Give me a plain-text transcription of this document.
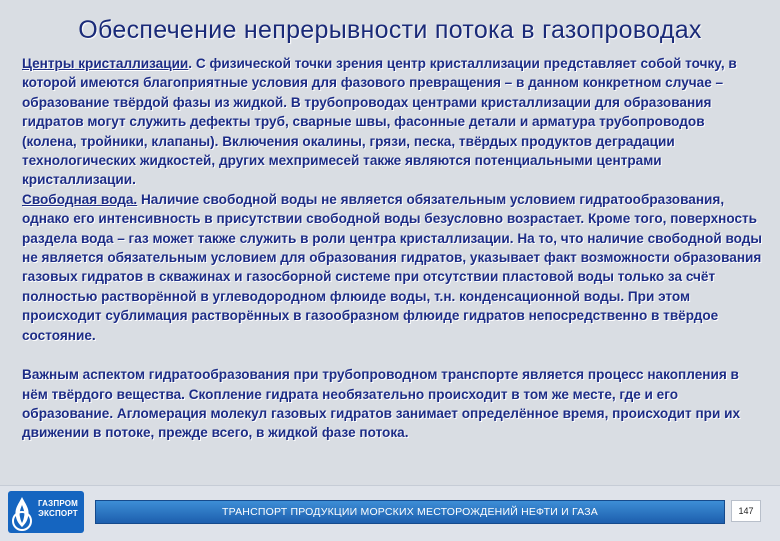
Обеспечение непрерывности потока в газопроводах

Центры кристаллизации. С физической точки зрения центр кристаллизации представляет собой точку, в которой имеются благоприятные условия для фазового превращения – в данном конкретном случае – образование твёрдой фазы из жидкой. В трубопроводах центрами кристаллизации для образования гидратов могут служить дефекты труб, сварные швы, фасонные детали и арматура трубопроводов (колена, тройники, клапаны). Включения окалины, грязи, песка, твёрдых продуктов деградации технологических жидкостей, других мехпримесей также являются потенциальными центрами кристаллизации.

Свободная вода. Наличие свободной воды не является обязательным условием гидратообразования, однако его интенсивность в присутствии свободной воды безусловно возрастает. Кроме того, поверхность раздела вода – газ может также служить в роли центра кристаллизации. На то, что наличие свободной воды не является обязательным условием для образования гидратов, указывает факт возможности образования газовых гидратов в скважинах и газосборной системе при отсутствии пластовой воды только за счёт полностью растворённой в углеводородном флюиде воды, т.н. конденсационной воды. При этом происходит сублимация растворённых в газообразном флюиде гидратов непосредственно в твёрдое состояние.

Важным аспектом гидратообразования при трубопроводном транспорте является процесс накопления в нём твёрдого вещества. Скопление гидрата необязательно происходит в том же месте, где и его образование. Агломерация молекул газовых гидратов занимает определённое время, происходит при их движении в потоке, прежде всего, в жидкой фазе потока.

ГАЗПРОМ
ЭКСПОРТ	ТРАНСПОРТ ПРОДУКЦИИ МОРСКИХ МЕСТОРОЖДЕНИЙ НЕФТИ И ГАЗА	147
